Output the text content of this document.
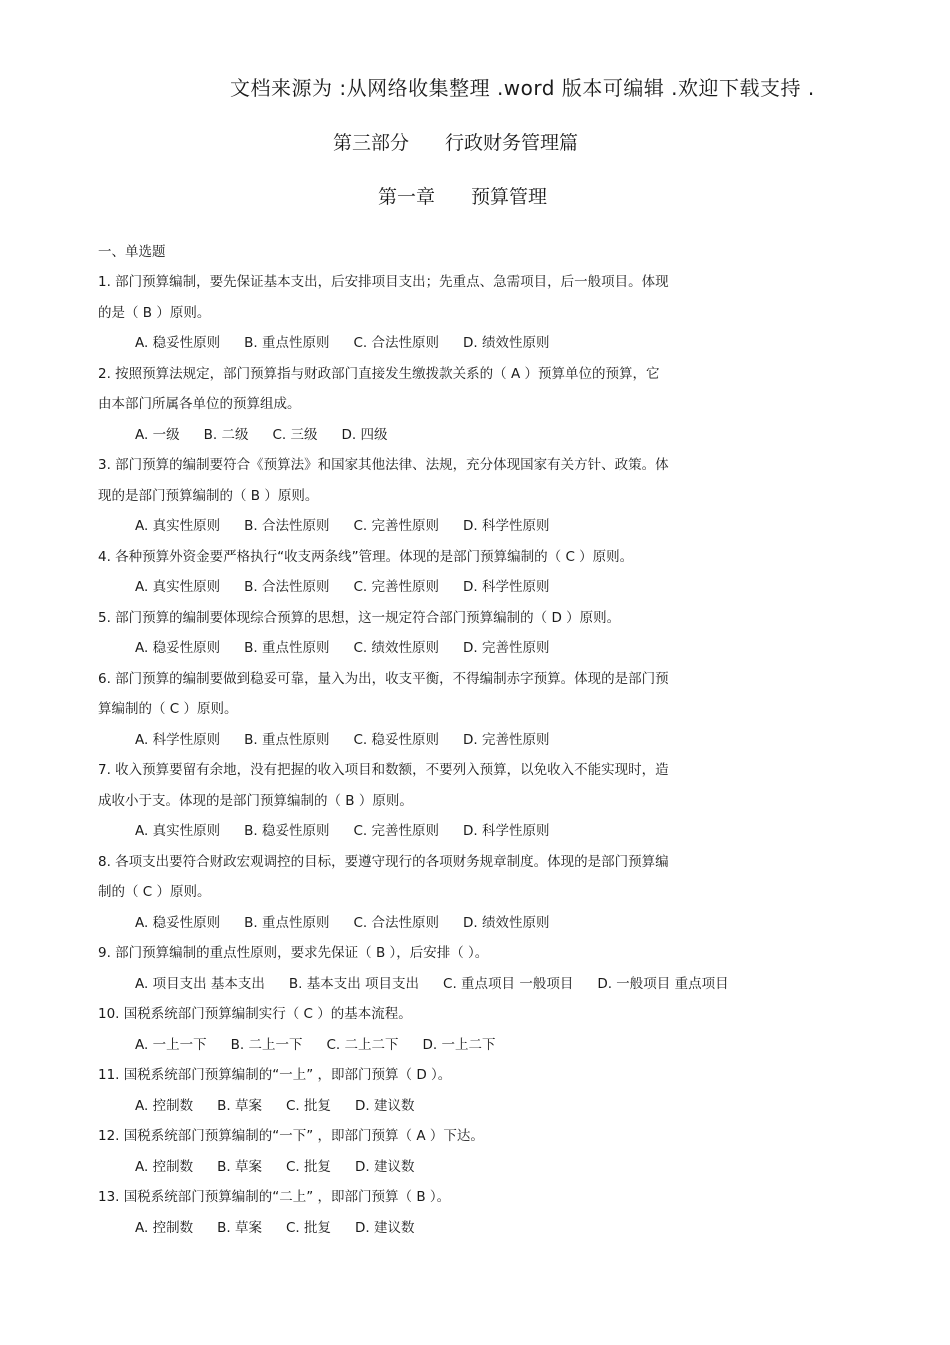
文档来源为 :从网络收集整理 .word 版本可编辑 .欢迎下载支持 .
第三部分 行政财务管理篇
第一章 预算管理
一、单选题
1. 部门预算编制，要先保证基本支出，后安排项目支出；先重点、急需项目，后一般项目。体现
的是（ B ）原则。
A. 稳妥性原则 B. 重点性原则 C. 合法性原则 D. 绩效性原则
2. 按照预算法规定，部门预算指与财政部门直接发生缴拨款关系的（ A ）预算单位的预算，它
由本部门所属各单位的预算组成。
A. 一级 B. 二级 C. 三级 D. 四级
3. 部门预算的编制要符合《预算法》和国家其他法律、法规，充分体现国家有关方针、政策。体
现的是部门预算编制的（ B ）原则。
A. 真实性原则 B. 合法性原则 C. 完善性原则 D. 科学性原则
4. 各种预算外资金要严格执行“收支两条线”管理。体现的是部门预算编制的（ C ）原则。
A. 真实性原则 B. 合法性原则 C. 完善性原则 D. 科学性原则
5. 部门预算的编制要体现综合预算的思想，这一规定符合部门预算编制的（ D ）原则。
A. 稳妥性原则 B. 重点性原则 C. 绩效性原则 D. 完善性原则
6. 部门预算的编制要做到稳妥可靠，量入为出，收支平衡，不得编制赤字预算。体现的是部门预
算编制的（ C ）原则。
A. 科学性原则 B. 重点性原则 C. 稳妥性原则 D. 完善性原则
7. 收入预算要留有余地，没有把握的收入项目和数额，不要列入预算，以免收入不能实现时，造
成收小于支。体现的是部门预算编制的（ B ）原则。
A. 真实性原则 B. 稳妥性原则 C. 完善性原则 D. 科学性原则
8. 各项支出要符合财政宏观调控的目标，要遵守现行的各项财务规章制度。体现的是部门预算编
制的（ C ）原则。
A. 稳妥性原则 B. 重点性原则 C. 合法性原则 D. 绩效性原则
9. 部门预算编制的重点性原则，要求先保证（ B ），后安排（ ）。
A. 项目支出 基本支出 B. 基本支出 项目支出 C. 重点项目 一般项目 D. 一般项目 重点项目
10. 国税系统部门预算编制实行（ C ）的基本流程。
A. 一上一下 B. 二上一下 C. 二上二下 D. 一上二下
11. 国税系统部门预算编制的“一上” ，即部门预算（ D ）。
A. 控制数 B. 草案 C. 批复 D. 建议数
12. 国税系统部门预算编制的“一下” ，即部门预算（ A ）下达。
A. 控制数 B. 草案 C. 批复 D. 建议数
13. 国税系统部门预算编制的“二上” ，即部门预算（ B ）。
A. 控制数 B. 草案 C. 批复 D. 建议数
